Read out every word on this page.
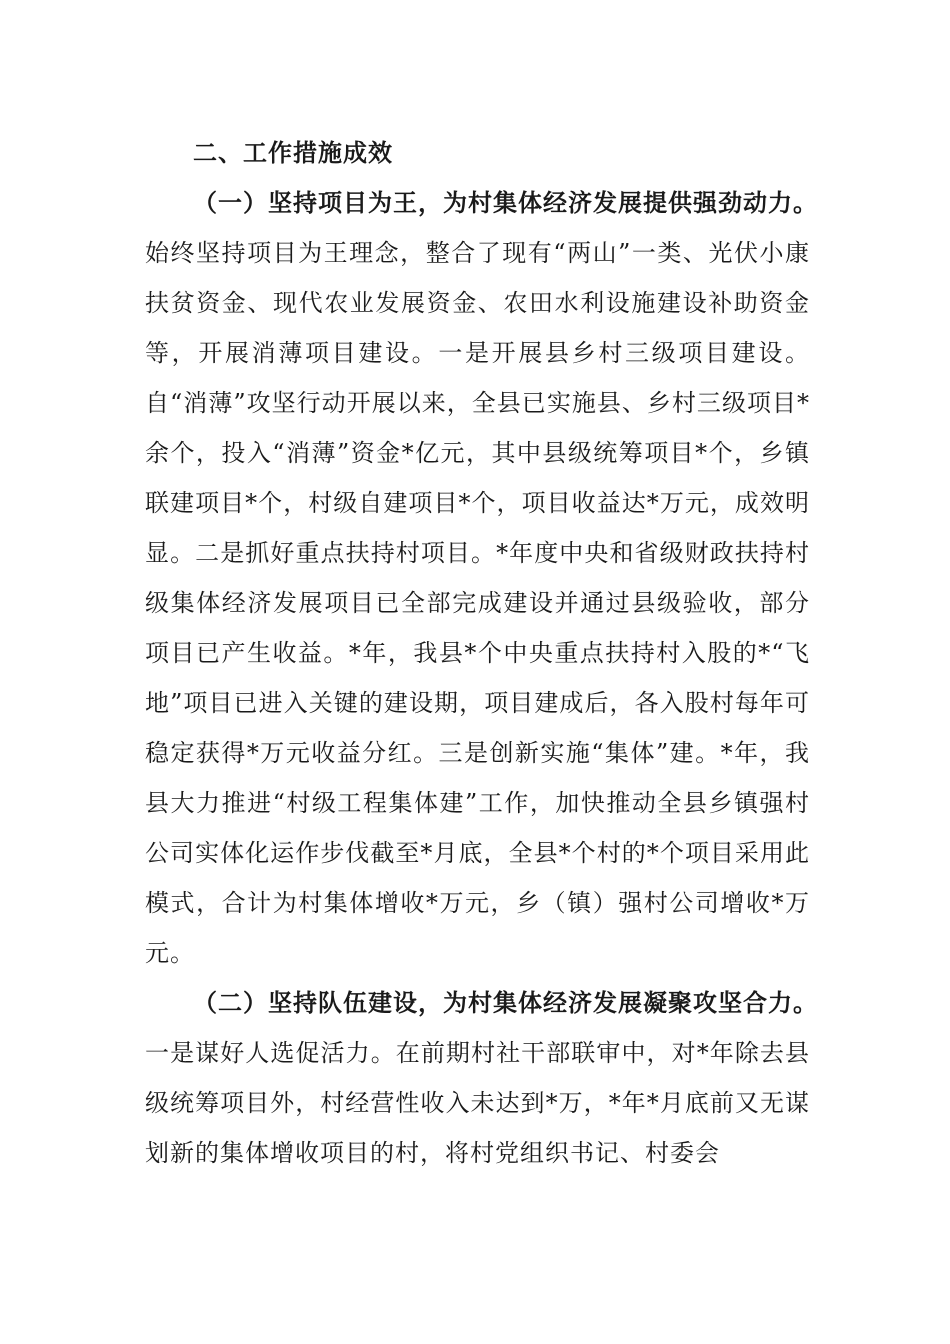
二、工作措施成效

（一）坚持项目为王，为村集体经济发展提供强劲动力。
始终坚持项目为王理念，整合了现有“两山”一类、光伏小康扶贫资金、现代农业发展资金、农田水利设施建设补助资金等，开展消薄项目建设。一是开展县乡村三级项目建设。自“消薄”攻坚行动开展以来，全县已实施县、乡村三级项目*余个，投入“消薄”资金*亿元，其中县级统筹项目*个，乡镇联建项目*个，村级自建项目*个，项目收益达*万元，成效明显。二是抓好重点扶持村项目。*年度中央和省级财政扶持村级集体经济发展项目已全部完成建设并通过县级验收，部分项目已产生收益。*年，我县*个中央重点扶持村入股的*“飞地”项目已进入关键的建设期，项目建成后，各入股村每年可稳定获得*万元收益分红。三是创新实施“集体”建。*年，我县大力推进“村级工程集体建”工作，加快推动全县乡镇强村公司实体化运作步伐截至*月底，全县*个村的*个项目采用此模式，合计为村集体增收*万元，乡（镇）强村公司增收*万元。

（二）坚持队伍建设，为村集体经济发展凝聚攻坚合力。
一是谋好人选促活力。在前期村社干部联审中，对*年除去县级统筹项目外，村经营性收入未达到*万，*年*月底前又无谋划新的集体增收项目的村，将村党组织书记、村委会
